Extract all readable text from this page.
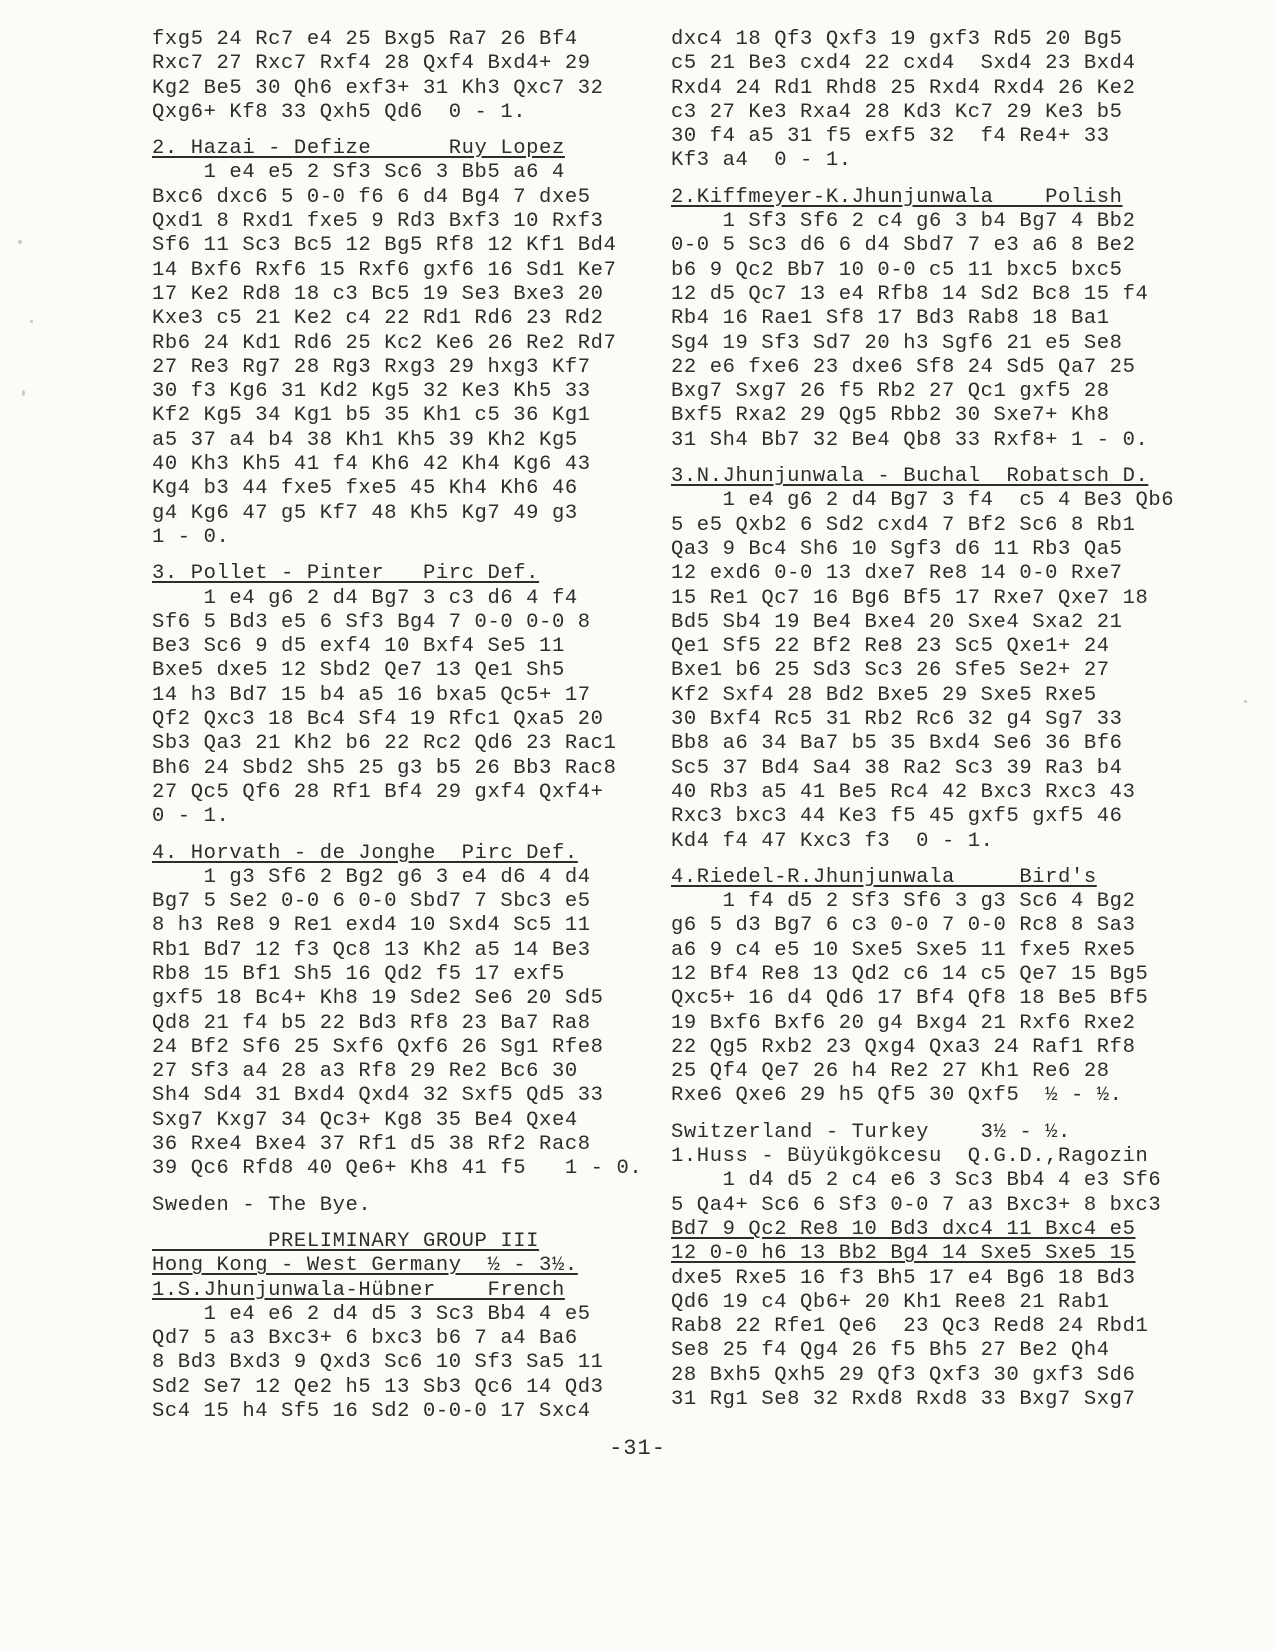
fxg5 24 Rc7 e4 25 Bxg5 Ra7 26 Bf4
Rxc7 27 Rxc7 Rxf4 28 Qxf4 Bxd4+ 29
Kg2 Be5 30 Qh6 exf3+ 31 Kh3 Qxc7 32
Qxg6+ Kf8 33 Qxh5 Qd6  0 - 1.
2. Hazai - Defize      Ruy Lopez
1 e4 e5 2 Sf3 Sc6 3 Bb5 a6 4
Bxc6 dxc6 5 0-0 f6 6 d4 Bg4 7 dxe5
Qxd1 8 Rxd1 fxe5 9 Rd3 Bxf3 10 Rxf3
Sf6 11 Sc3 Bc5 12 Bg5 Rf8 12 Kf1 Bd4
14 Bxf6 Rxf6 15 Rxf6 gxf6 16 Sd1 Ke7
17 Ke2 Rd8 18 c3 Bc5 19 Se3 Bxe3 20
Kxe3 c5 21 Ke2 c4 22 Rd1 Rd6 23 Rd2
Rb6 24 Kd1 Rd6 25 Kc2 Ke6 26 Re2 Rd7
27 Re3 Rg7 28 Rg3 Rxg3 29 hxg3 Kf7
30 f3 Kg6 31 Kd2 Kg5 32 Ke3 Kh5 33
Kf2 Kg5 34 Kg1 b5 35 Kh1 c5 36 Kg1
a5 37 a4 b4 38 Kh1 Kh5 39 Kh2 Kg5
40 Kh3 Kh5 41 f4 Kh6 42 Kh4 Kg6 43
Kg4 b3 44 fxe5 fxe5 45 Kh4 Kh6 46
g4 Kg6 47 g5 Kf7 48 Kh5 Kg7 49 g3
1 - 0.
3. Pollet - Pinter   Pirc Def.
1 e4 g6 2 d4 Bg7 3 c3 d6 4 f4
Sf6 5 Bd3 e5 6 Sf3 Bg4 7 0-0 0-0 8
Be3 Sc6 9 d5 exf4 10 Bxf4 Se5 11
Bxe5 dxe5 12 Sbd2 Qe7 13 Qe1 Sh5
14 h3 Bd7 15 b4 a5 16 bxa5 Qc5+ 17
Qf2 Qxc3 18 Bc4 Sf4 19 Rfc1 Qxa5 20
Sb3 Qa3 21 Kh2 b6 22 Rc2 Qd6 23 Rac1
Bh6 24 Sbd2 Sh5 25 g3 b5 26 Bb3 Rac8
27 Qc5 Qf6 28 Rf1 Bf4 29 gxf4 Qxf4+
0 - 1.
4. Horvath - de Jonghe  Pirc Def.
1 g3 Sf6 2 Bg2 g6 3 e4 d6 4 d4
Bg7 5 Se2 0-0 6 0-0 Sbd7 7 Sbc3 e5
8 h3 Re8 9 Re1 exd4 10 Sxd4 Sc5 11
Rb1 Bd7 12 f3 Qc8 13 Kh2 a5 14 Be3
Rb8 15 Bf1 Sh5 16 Qd2 f5 17 exf5
gxf5 18 Bc4+ Kh8 19 Sde2 Se6 20 Sd5
Qd8 21 f4 b5 22 Bd3 Rf8 23 Ba7 Ra8
24 Bf2 Sf6 25 Sxf6 Qxf6 26 Sg1 Rfe8
27 Sf3 a4 28 a3 Rf8 29 Re2 Bc6 30
Sh4 Sd4 31 Bxd4 Qxd4 32 Sxf5 Qd5 33
Sxg7 Kxg7 34 Qc3+ Kg8 35 Be4 Qxe4
36 Rxe4 Bxe4 37 Rf1 d5 38 Rf2 Rac8
39 Qc6 Rfd8 40 Qe6+ Kh8 41 f5   1 - 0.
Sweden - The Bye.
PRELIMINARY GROUP III
Hong Kong - West Germany  ½ - 3½.
1.S.Jhunjunwala-Hübner    French
1 e4 e6 2 d4 d5 3 Sc3 Bb4 4 e5
Qd7 5 a3 Bxc3+ 6 bxc3 b6 7 a4 Ba6
8 Bd3 Bxd3 9 Qxd3 Sc6 10 Sf3 Sa5 11
Sd2 Se7 12 Qe2 h5 13 Sb3 Qc6 14 Qd3
Sc4 15 h4 Sf5 16 Sd2 0-0-0 17 Sxc4
dxc4 18 Qf3 Qxf3 19 gxf3 Rd5 20 Bg5
c5 21 Be3 cxd4 22 cxd4  Sxd4 23 Bxd4
Rxd4 24 Rd1 Rhd8 25 Rxd4 Rxd4 26 Ke2
c3 27 Ke3 Rxa4 28 Kd3 Kc7 29 Ke3 b5
30 f4 a5 31 f5 exf5 32  f4 Re4+ 33
Kf3 a4  0 - 1.
2.Kiffmeyer-K.Jhunjunwala    Polish
1 Sf3 Sf6 2 c4 g6 3 b4 Bg7 4 Bb2
0-0 5 Sc3 d6 6 d4 Sbd7 7 e3 a6 8 Be2
b6 9 Qc2 Bb7 10 0-0 c5 11 bxc5 bxc5
12 d5 Qc7 13 e4 Rfb8 14 Sd2 Bc8 15 f4
Rb4 16 Rae1 Sf8 17 Bd3 Rab8 18 Ba1
Sg4 19 Sf3 Sd7 20 h3 Sgf6 21 e5 Se8
22 e6 fxe6 23 dxe6 Sf8 24 Sd5 Qa7 25
Bxg7 Sxg7 26 f5 Rb2 27 Qc1 gxf5 28
Bxf5 Rxa2 29 Qg5 Rbb2 30 Sxe7+ Kh8
31 Sh4 Bb7 32 Be4 Qb8 33 Rxf8+ 1 - 0.
3.N.Jhunjunwala - Buchal  Robatsch D.
1 e4 g6 2 d4 Bg7 3 f4  c5 4 Be3 Qb6
5 e5 Qxb2 6 Sd2 cxd4 7 Bf2 Sc6 8 Rb1
Qa3 9 Bc4 Sh6 10 Sgf3 d6 11 Rb3 Qa5
12 exd6 0-0 13 dxe7 Re8 14 0-0 Rxe7
15 Re1 Qc7 16 Bg6 Bf5 17 Rxe7 Qxe7 18
Bd5 Sb4 19 Be4 Bxe4 20 Sxe4 Sxa2 21
Qe1 Sf5 22 Bf2 Re8 23 Sc5 Qxe1+ 24
Bxe1 b6 25 Sd3 Sc3 26 Sfe5 Se2+ 27
Kf2 Sxf4 28 Bd2 Bxe5 29 Sxe5 Rxe5
30 Bxf4 Rc5 31 Rb2 Rc6 32 g4 Sg7 33
Bb8 a6 34 Ba7 b5 35 Bxd4 Se6 36 Bf6
Sc5 37 Bd4 Sa4 38 Ra2 Sc3 39 Ra3 b4
40 Rb3 a5 41 Be5 Rc4 42 Bxc3 Rxc3 43
Rxc3 bxc3 44 Ke3 f5 45 gxf5 gxf5 46
Kd4 f4 47 Kxc3 f3  0 - 1.
4.Riedel-R.Jhunjunwala     Bird's
1 f4 d5 2 Sf3 Sf6 3 g3 Sc6 4 Bg2
g6 5 d3 Bg7 6 c3 0-0 7 0-0 Rc8 8 Sa3
a6 9 c4 e5 10 Sxe5 Sxe5 11 fxe5 Rxe5
12 Bf4 Re8 13 Qd2 c6 14 c5 Qe7 15 Bg5
Qxc5+ 16 d4 Qd6 17 Bf4 Qf8 18 Be5 Bf5
19 Bxf6 Bxf6 20 g4 Bxg4 21 Rxf6 Rxe2
22 Qg5 Rxb2 23 Qxg4 Qxa3 24 Raf1 Rf8
25 Qf4 Qe7 26 h4 Re2 27 Kh1 Re6 28
Rxe6 Qxe6 29 h5 Qf5 30 Qxf5  ½ - ½.
Switzerland - Turkey    3½ - ½.
1.Huss - Büyükgökcesu  Q.G.D.,Ragozin
1 d4 d5 2 c4 e6 3 Sc3 Bb4 4 e3 Sf6
5 Qa4+ Sc6 6 Sf3 0-0 7 a3 Bxc3+ 8 bxc3
Bd7 9 Qc2 Re8 10 Bd3 dxc4 11 Bxc4 e5
12 0-0 h6 13 Bb2 Bg4 14 Sxe5 Sxe5 15
dxe5 Rxe5 16 f3 Bh5 17 e4 Bg6 18 Bd3
Qd6 19 c4 Qb6+ 20 Kh1 Ree8 21 Rab1
Rab8 22 Rfe1 Qe6  23 Qc3 Red8 24 Rbd1
Se8 25 f4 Qg4 26 f5 Bh5 27 Be2 Qh4
28 Bxh5 Qxh5 29 Qf3 Qxf3 30 gxf3 Sd6
31 Rg1 Se8 32 Rxd8 Rxd8 33 Bxg7 Sxg7
-31-
